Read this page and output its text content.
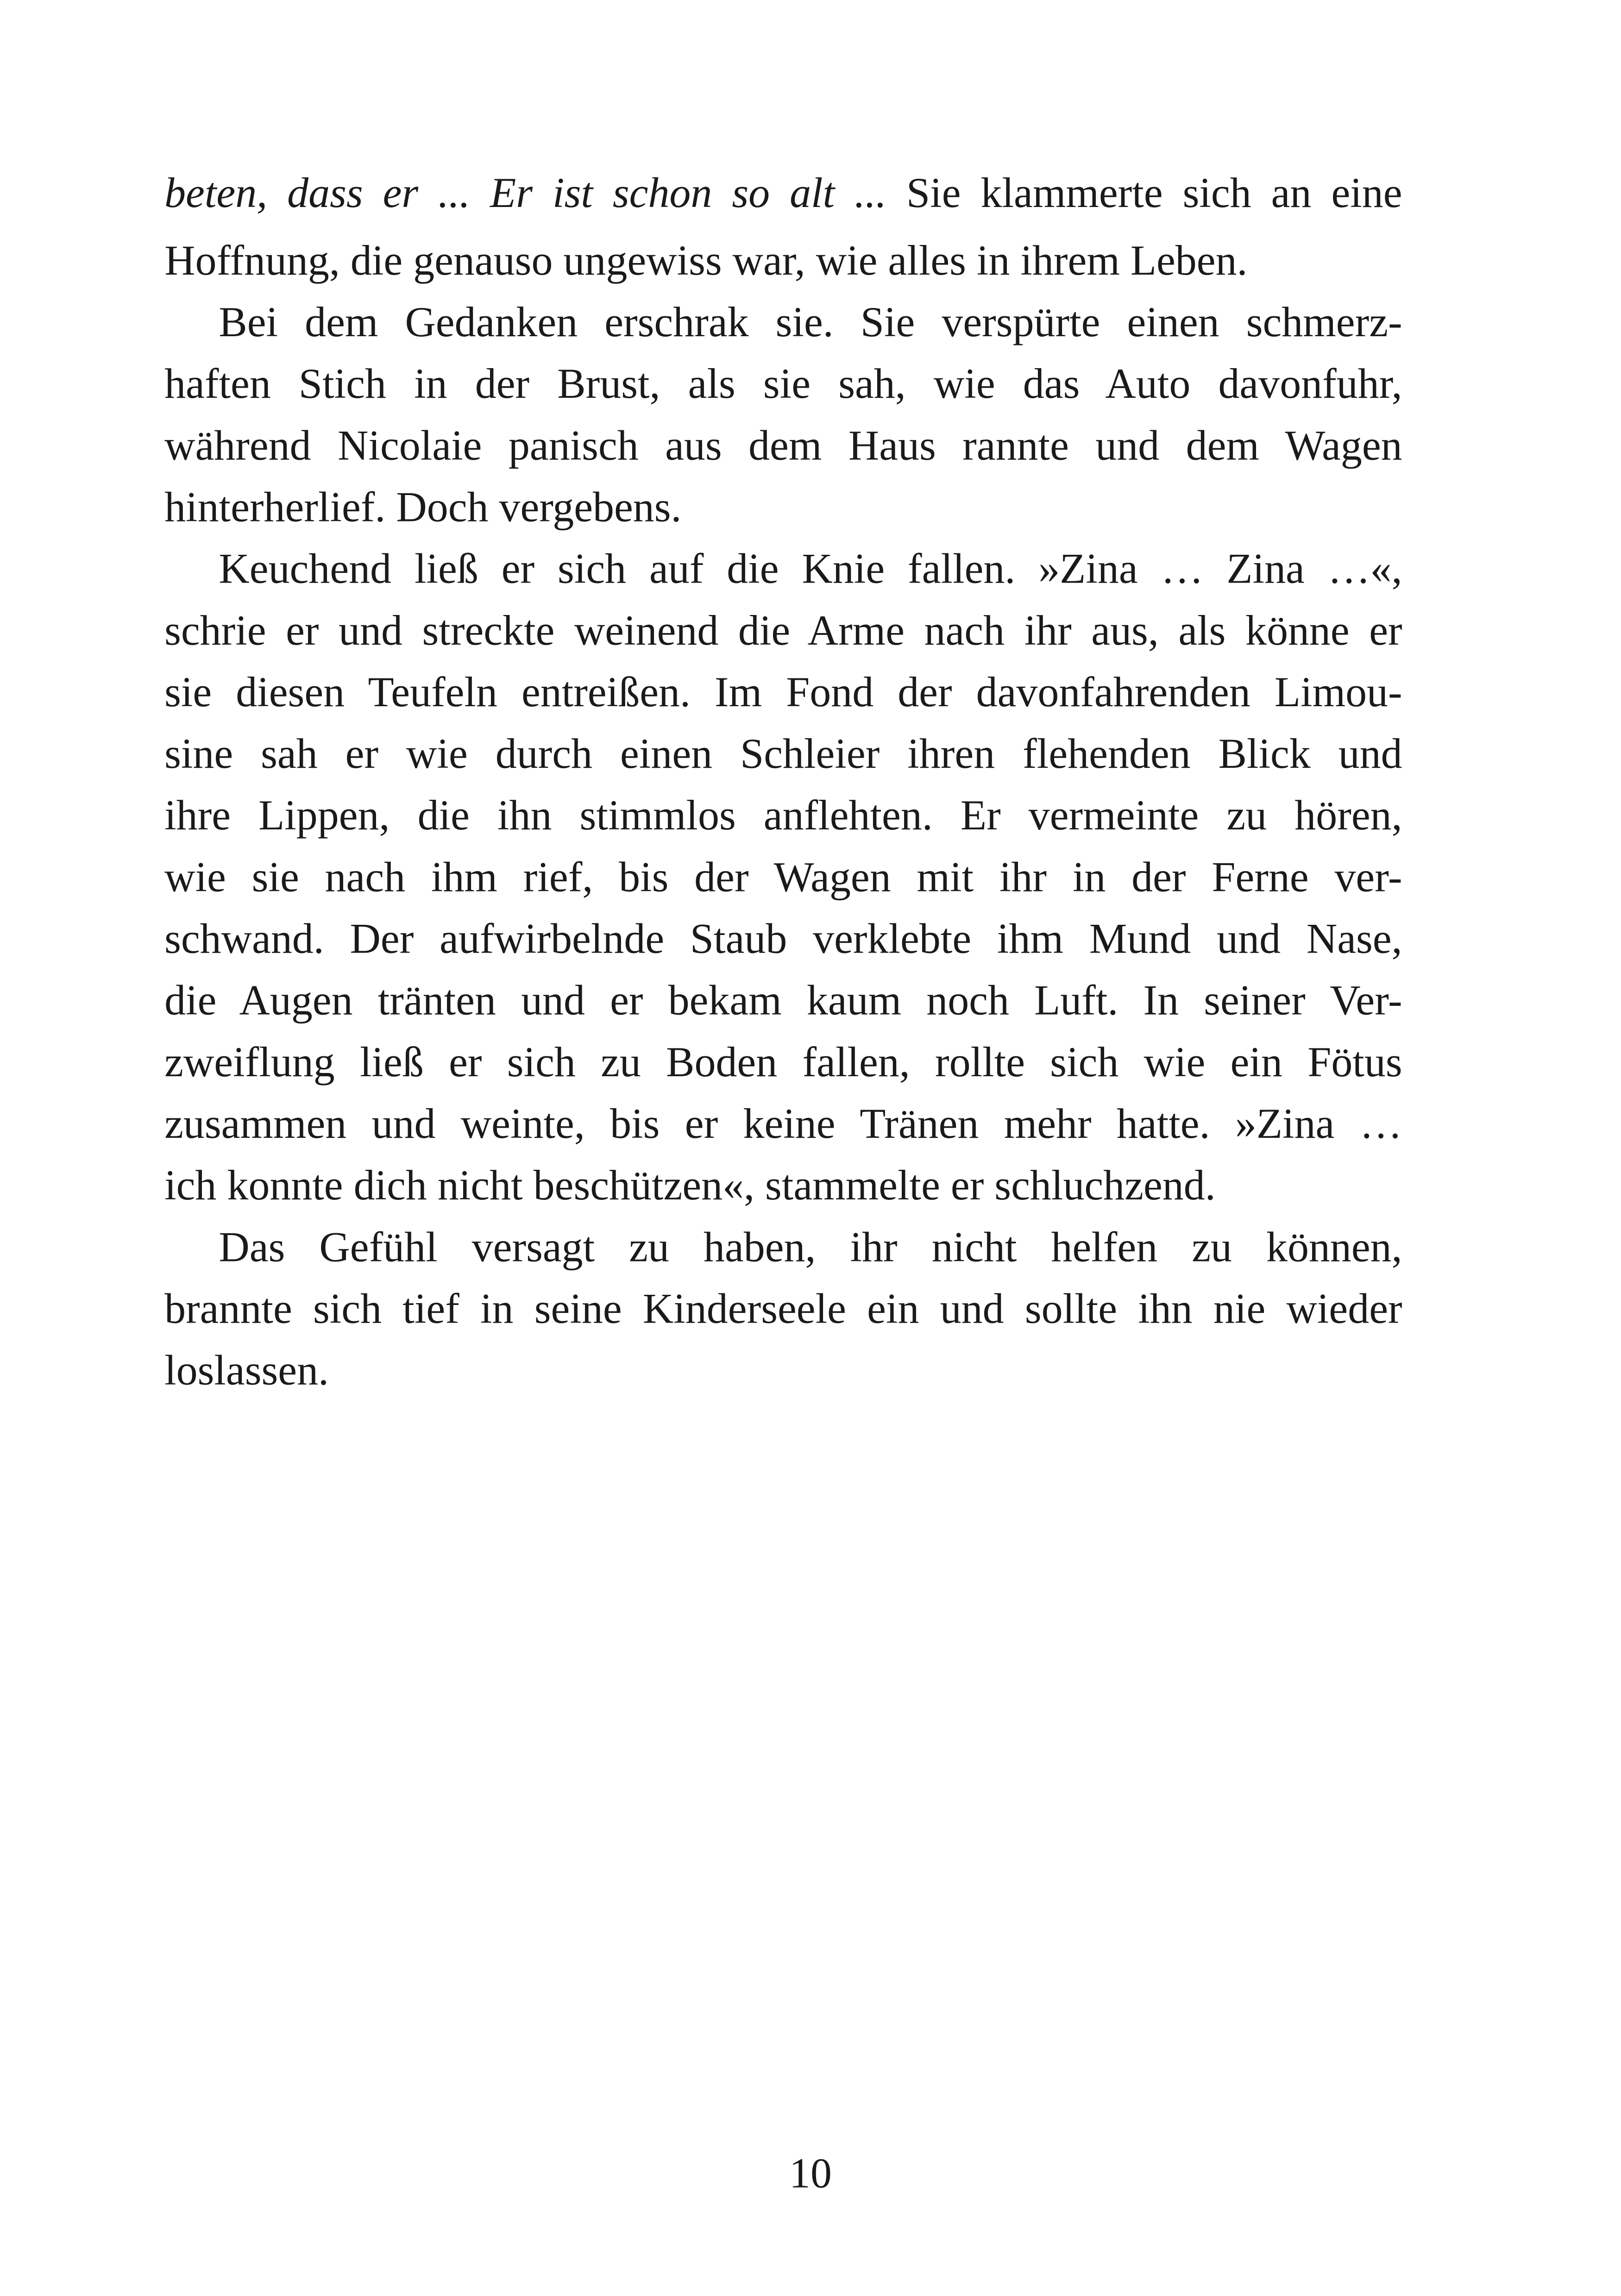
beten, dass er ... Er ist schon so alt ... Sie klammerte sich an eine
Hoffnung, die genauso ungewiss war, wie alles in ihrem Leben.
Bei dem Gedanken erschrak sie. Sie verspürte einen schmerz-
haften Stich in der Brust, als sie sah, wie das Auto davonfuhr,
während Nicolaie panisch aus dem Haus rannte und dem Wagen
hinterherlief. Doch vergebens.
Keuchend ließ er sich auf die Knie fallen. »Zina … Zina …«,
schrie er und streckte weinend die Arme nach ihr aus, als könne er
sie diesen Teufeln entreißen. Im Fond der davonfahrenden Limou-
sine sah er wie durch einen Schleier ihren flehenden Blick und
ihre Lippen, die ihn stimmlos anflehten. Er vermeinte zu hören,
wie sie nach ihm rief, bis der Wagen mit ihr in der Ferne ver-
schwand. Der aufwirbelnde Staub verklebte ihm Mund und Nase,
die Augen tränten und er bekam kaum noch Luft. In seiner Ver-
zweiflung ließ er sich zu Boden fallen, rollte sich wie ein Fötus
zusammen und weinte, bis er keine Tränen mehr hatte. »Zina …
ich konnte dich nicht beschützen«, stammelte er schluchzend.
Das Gefühl versagt zu haben, ihr nicht helfen zu können,
brannte sich tief in seine Kinderseele ein und sollte ihn nie wieder
loslassen.
10
